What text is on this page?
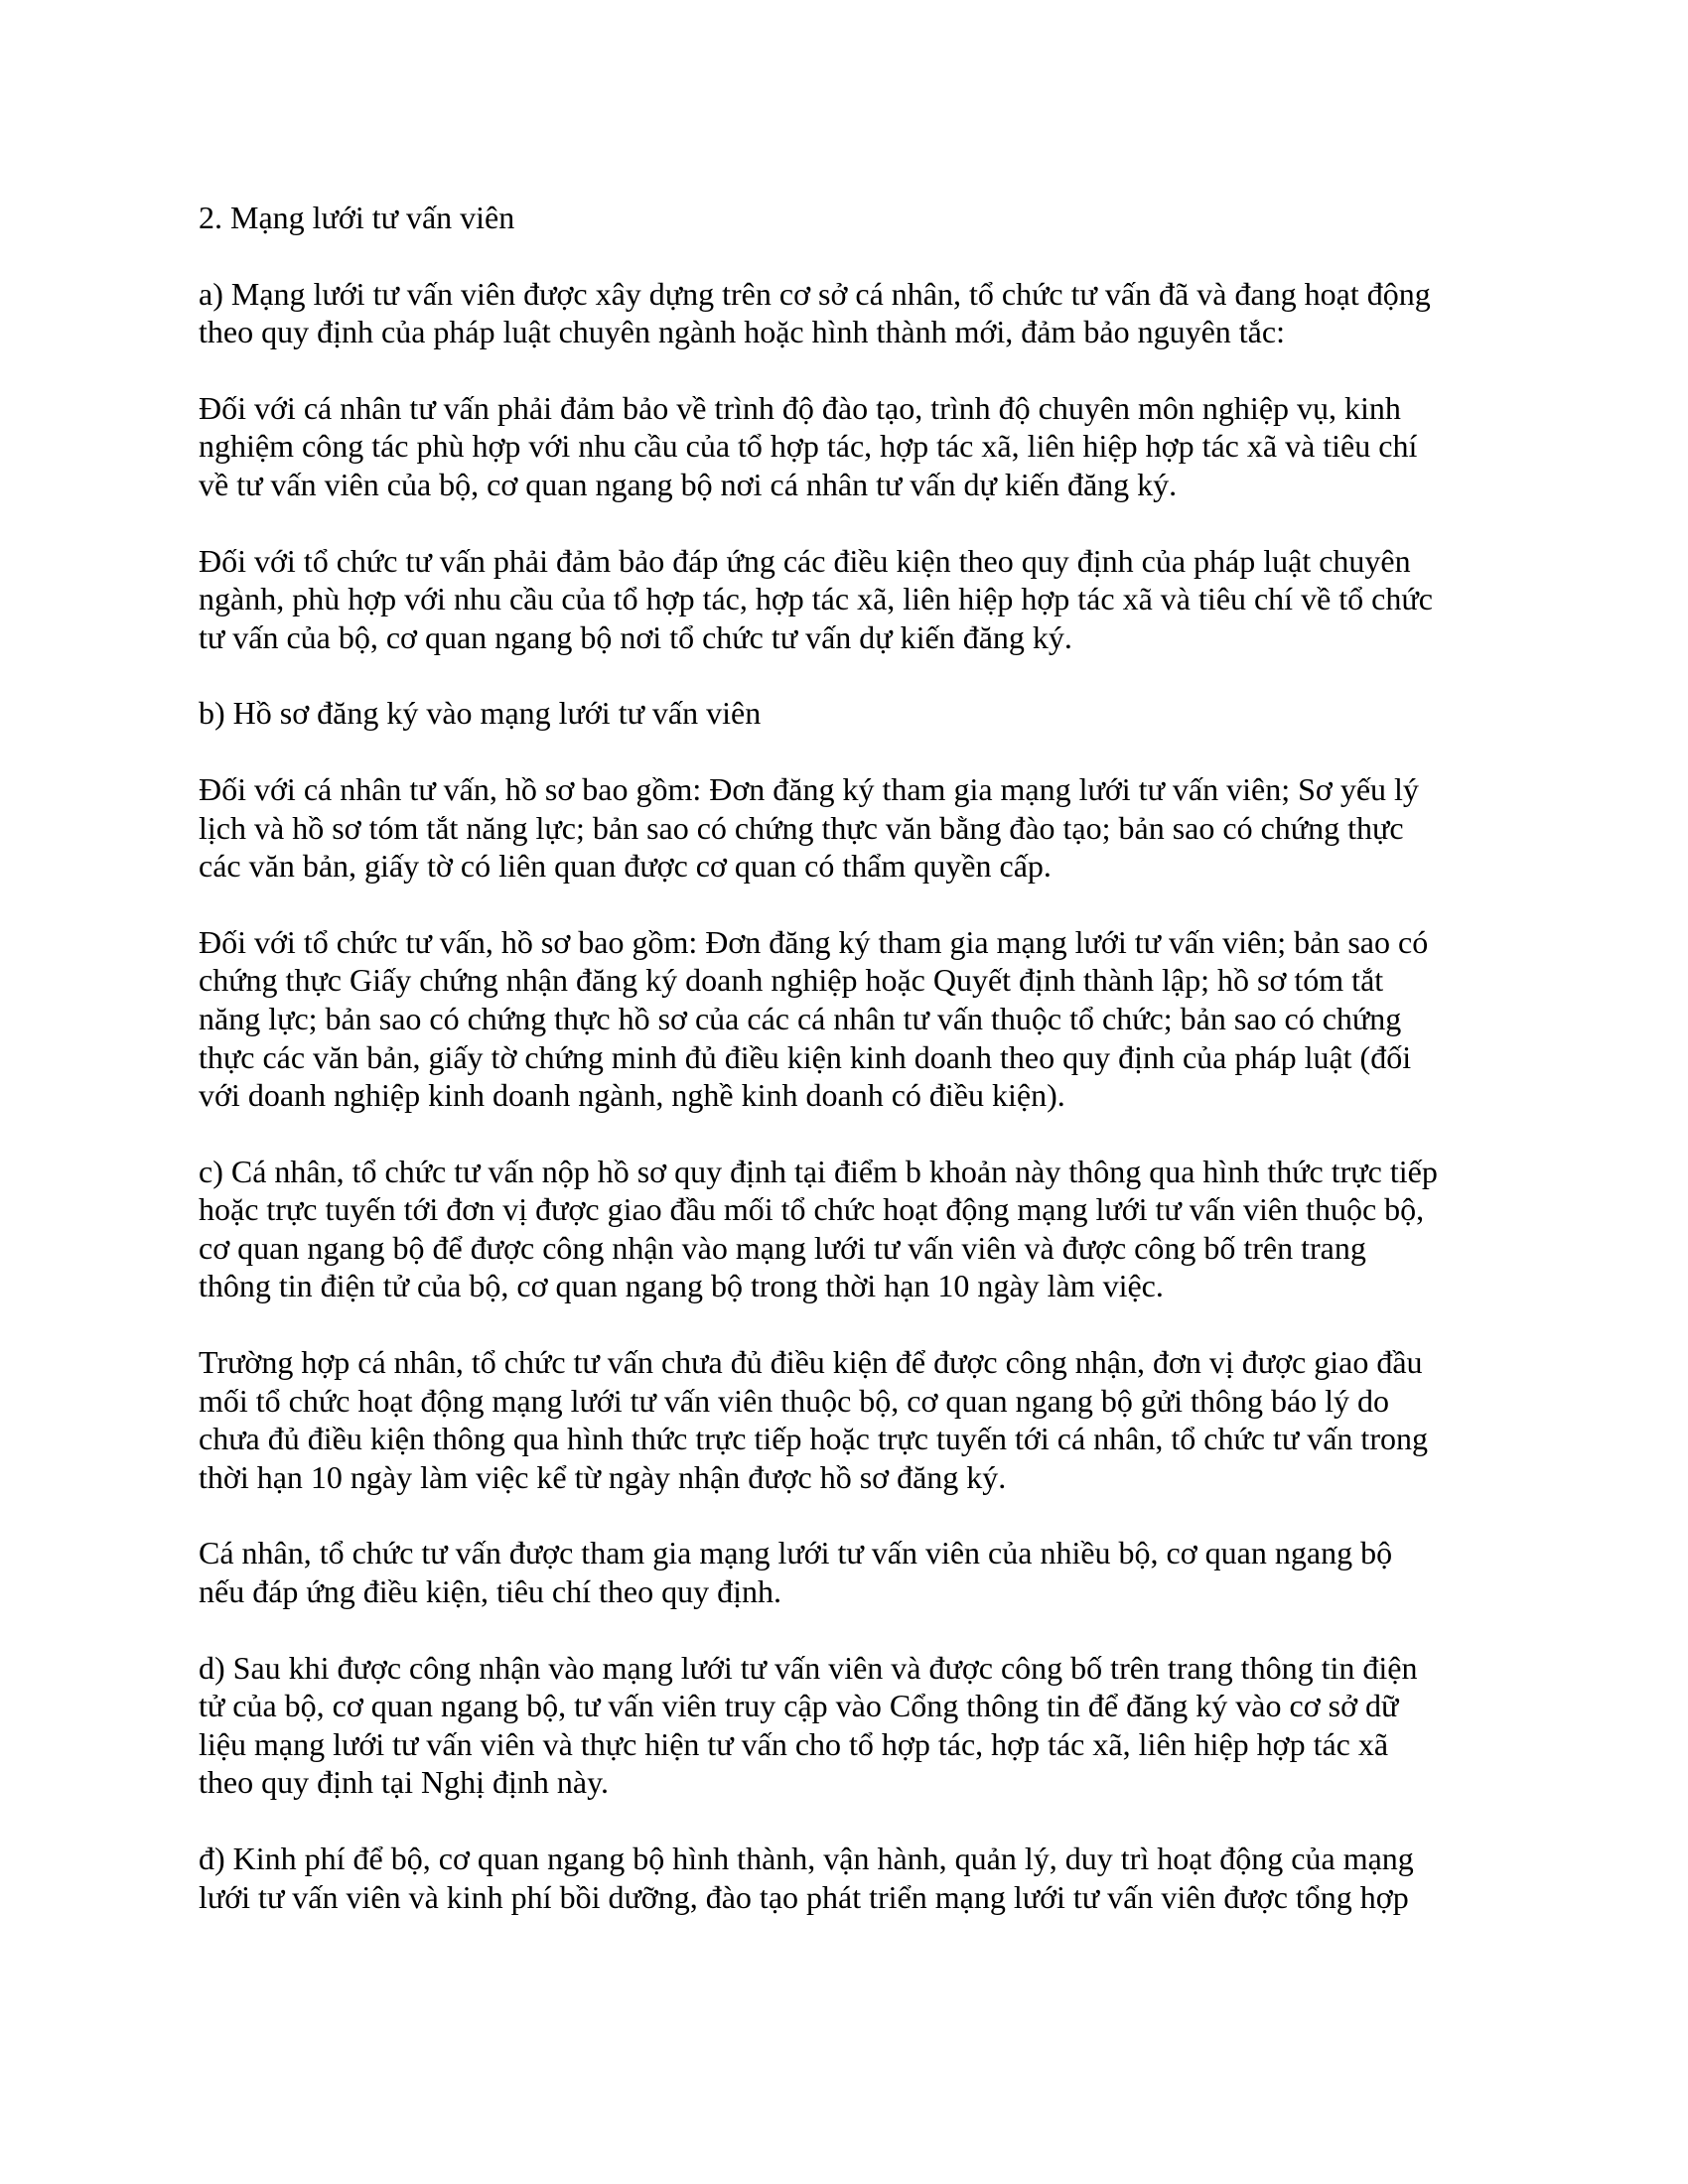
2. Mạng lưới tư vấn viên

a) Mạng lưới tư vấn viên được xây dựng trên cơ sở cá nhân, tổ chức tư vấn đã và đang hoạt động
theo quy định của pháp luật chuyên ngành hoặc hình thành mới, đảm bảo nguyên tắc:

Đối với cá nhân tư vấn phải đảm bảo về trình độ đào tạo, trình độ chuyên môn nghiệp vụ, kinh
nghiệm công tác phù hợp với nhu cầu của tổ hợp tác, hợp tác xã, liên hiệp hợp tác xã và tiêu chí
về tư vấn viên của bộ, cơ quan ngang bộ nơi cá nhân tư vấn dự kiến đăng ký.

Đối với tổ chức tư vấn phải đảm bảo đáp ứng các điều kiện theo quy định của pháp luật chuyên
ngành, phù hợp với nhu cầu của tổ hợp tác, hợp tác xã, liên hiệp hợp tác xã và tiêu chí về tổ chức
tư vấn của bộ, cơ quan ngang bộ nơi tổ chức tư vấn dự kiến đăng ký.

b) Hồ sơ đăng ký vào mạng lưới tư vấn viên

Đối với cá nhân tư vấn, hồ sơ bao gồm: Đơn đăng ký tham gia mạng lưới tư vấn viên; Sơ yếu lý
lịch và hồ sơ tóm tắt năng lực; bản sao có chứng thực văn bằng đào tạo; bản sao có chứng thực
các văn bản, giấy tờ có liên quan được cơ quan có thẩm quyền cấp.

Đối với tổ chức tư vấn, hồ sơ bao gồm: Đơn đăng ký tham gia mạng lưới tư vấn viên; bản sao có
chứng thực Giấy chứng nhận đăng ký doanh nghiệp hoặc Quyết định thành lập; hồ sơ tóm tắt
năng lực; bản sao có chứng thực hồ sơ của các cá nhân tư vấn thuộc tổ chức; bản sao có chứng
thực các văn bản, giấy tờ chứng minh đủ điều kiện kinh doanh theo quy định của pháp luật (đối
với doanh nghiệp kinh doanh ngành, nghề kinh doanh có điều kiện).

c) Cá nhân, tổ chức tư vấn nộp hồ sơ quy định tại điểm b khoản này thông qua hình thức trực tiếp
hoặc trực tuyến tới đơn vị được giao đầu mối tổ chức hoạt động mạng lưới tư vấn viên thuộc bộ,
cơ quan ngang bộ để được công nhận vào mạng lưới tư vấn viên và được công bố trên trang
thông tin điện tử của bộ, cơ quan ngang bộ trong thời hạn 10 ngày làm việc.

Trường hợp cá nhân, tổ chức tư vấn chưa đủ điều kiện để được công nhận, đơn vị được giao đầu
mối tổ chức hoạt động mạng lưới tư vấn viên thuộc bộ, cơ quan ngang bộ gửi thông báo lý do
chưa đủ điều kiện thông qua hình thức trực tiếp hoặc trực tuyến tới cá nhân, tổ chức tư vấn trong
thời hạn 10 ngày làm việc kể từ ngày nhận được hồ sơ đăng ký.

Cá nhân, tổ chức tư vấn được tham gia mạng lưới tư vấn viên của nhiều bộ, cơ quan ngang bộ
nếu đáp ứng điều kiện, tiêu chí theo quy định.

d) Sau khi được công nhận vào mạng lưới tư vấn viên và được công bố trên trang thông tin điện
tử của bộ, cơ quan ngang bộ, tư vấn viên truy cập vào Cổng thông tin để đăng ký vào cơ sở dữ
liệu mạng lưới tư vấn viên và thực hiện tư vấn cho tổ hợp tác, hợp tác xã, liên hiệp hợp tác xã
theo quy định tại Nghị định này.

đ) Kinh phí để bộ, cơ quan ngang bộ hình thành, vận hành, quản lý, duy trì hoạt động của mạng
lưới tư vấn viên và kinh phí bồi dưỡng, đào tạo phát triển mạng lưới tư vấn viên được tổng hợp
